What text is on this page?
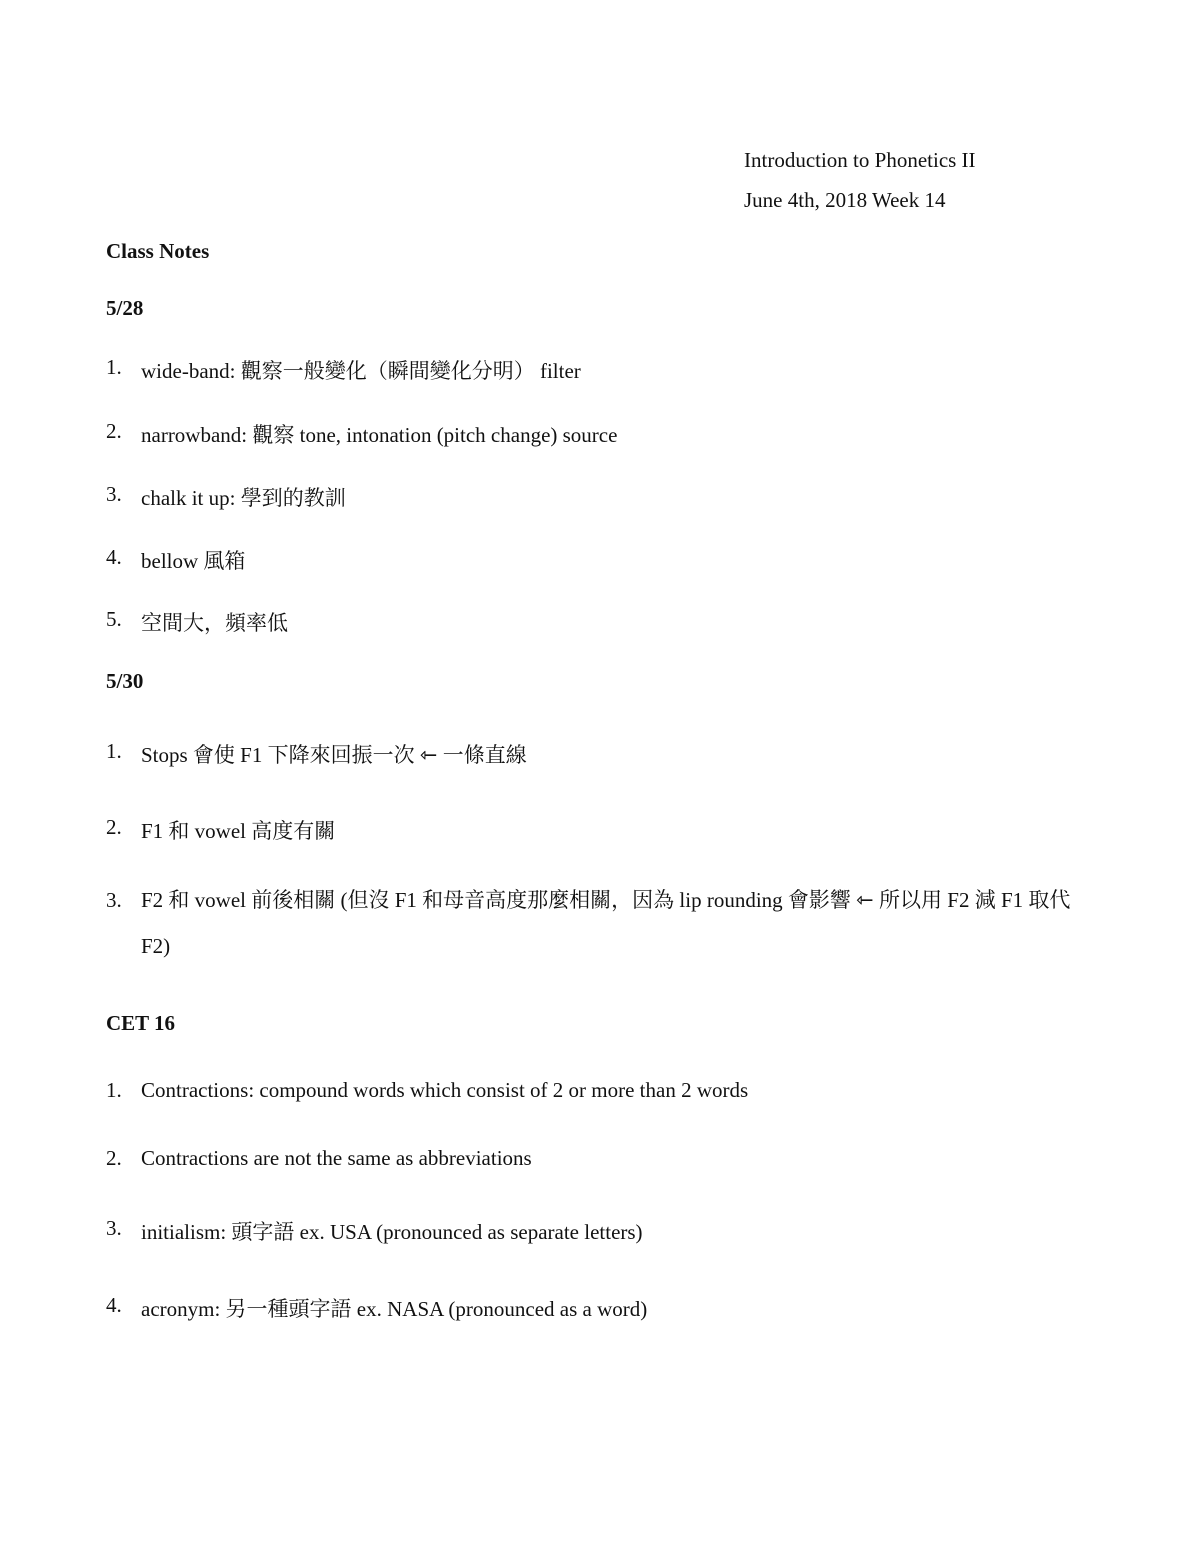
Introduction to Phonetics II
June 4th, 2018 Week 14
Class Notes
5/28
1. wide-band: 觀察一般變化（瞬間變化分明） filter
2. narrowband: 觀察 tone, intonation (pitch change) source
3. chalk it up: 學到的教訓
4. bellow 風箱
5. 空間大，頻率低
5/30
1. Stops 會使 F1 下降來回振一次 ⇽ 一條直線
2. F1 和 vowel 高度有關
3. F2 和 vowel 前後相關 (但沒 F1 和母音高度那麼相關，因為 lip rounding 會影響 ⇽ 所以用 F2 減 F1 取代 F2)
CET 16
1. Contractions: compound words which consist of 2 or more than 2 words
2. Contractions are not the same as abbreviations
3. initialism: 頭字語 ex. USA (pronounced as separate letters)
4. acronym: 另一種頭字語 ex. NASA (pronounced as a word)
